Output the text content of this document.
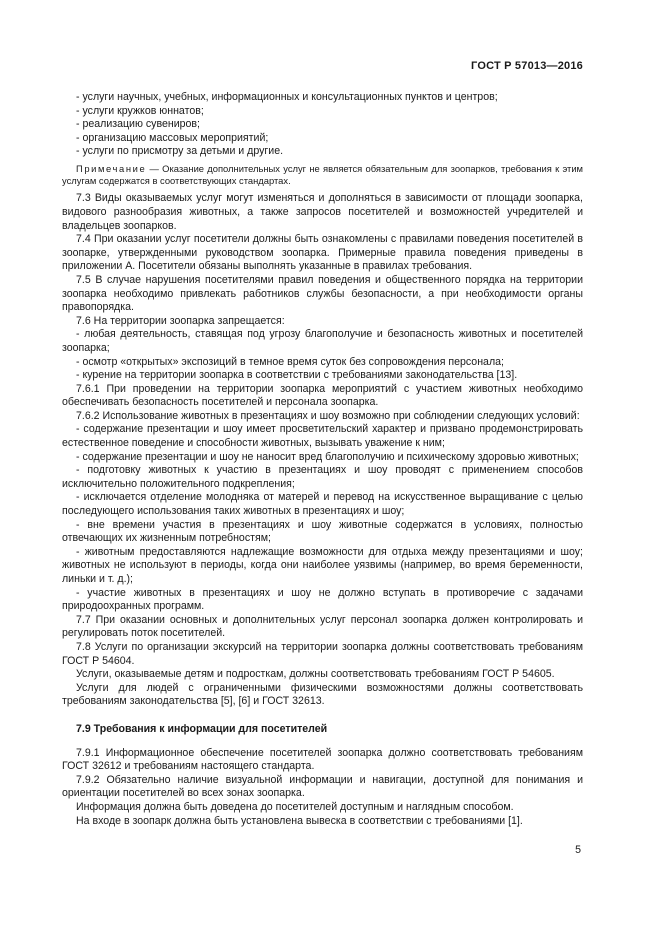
ГОСТ Р 57013—2016

- услуги научных, учебных, информационных и консультационных пунктов и центров;

- услуги кружков юннатов;

- реализацию сувениров;

- организацию массовых мероприятий;

- услуги по присмотру за детьми и другие.

Примечание — Оказание дополнительных услуг не является обязательным для зоопарков, требования к этим услугам содержатся в соответствующих стандартах.

7.3 Виды оказываемых услуг могут изменяться и дополняться в зависимости от площади зоопарка, видового разнообразия животных, а также запросов посетителей и возможностей учредителей и владельцев зоопарков.

7.4 При оказании услуг посетители должны быть ознакомлены с правилами поведения посетителей в зоопарке, утвержденными руководством зоопарка. Примерные правила поведения приведены в приложении А. Посетители обязаны выполнять указанные в правилах требования.

7.5 В случае нарушения посетителями правил поведения и общественного порядка на территории зоопарка необходимо привлекать работников службы безопасности, а при необходимости органы правопорядка.

7.6 На территории зоопарка запрещается:

- любая деятельность, ставящая под угрозу благополучие и безопасность животных и посетителей зоопарка;

- осмотр «открытых» экспозиций в темное время суток без сопровождения персонала;

- курение на территории зоопарка в соответствии с требованиями законодательства [13].

7.6.1 При проведении на территории зоопарка мероприятий с участием животных необходимо обеспечивать безопасность посетителей и персонала зоопарка.

7.6.2 Использование животных в презентациях и шоу возможно при соблюдении следующих условий:

- содержание презентации и шоу имеет просветительский характер и призвано продемонстрировать естественное поведение и способности животных, вызывать уважение к ним;

- содержание презентации и шоу не наносит вред благополучию и психическому здоровью животных;

- подготовку животных к участию в презентациях и шоу проводят с применением способов исключительно положительного подкрепления;

- исключается отделение молодняка от матерей и перевод на искусственное выращивание с целью последующего использования таких животных в презентациях и шоу;

- вне времени участия в презентациях и шоу животные содержатся в условиях, полностью отвечающих их жизненным потребностям;

- животным предоставляются надлежащие возможности для отдыха между презентациями и шоу; животных не используют в периоды, когда они наиболее уязвимы (например, во время беременности, линьки и т. д.);

- участие животных в презентациях и шоу не должно вступать в противоречие с задачами природоохранных программ.

7.7 При оказании основных и дополнительных услуг персонал зоопарка должен контролировать и регулировать поток посетителей.

7.8 Услуги по организации экскурсий на территории зоопарка должны соответствовать требованиям ГОСТ Р 54604.

Услуги, оказываемые детям и подросткам, должны соответствовать требованиям ГОСТ Р 54605.

Услуги для людей с ограниченными физическими возможностями должны соответствовать требованиям законодательства [5], [6] и ГОСТ 32613.

7.9 Требования к информации для посетителей

7.9.1 Информационное обеспечение посетителей зоопарка должно соответствовать требованиям ГОСТ 32612 и требованиям настоящего стандарта.

7.9.2 Обязательно наличие визуальной информации и навигации, доступной для понимания и ориентации посетителей во всех зонах зоопарка.

Информация должна быть доведена до посетителей доступным и наглядным способом.

На входе в зоопарк должна быть установлена вывеска в соответствии с требованиями [1].

5
